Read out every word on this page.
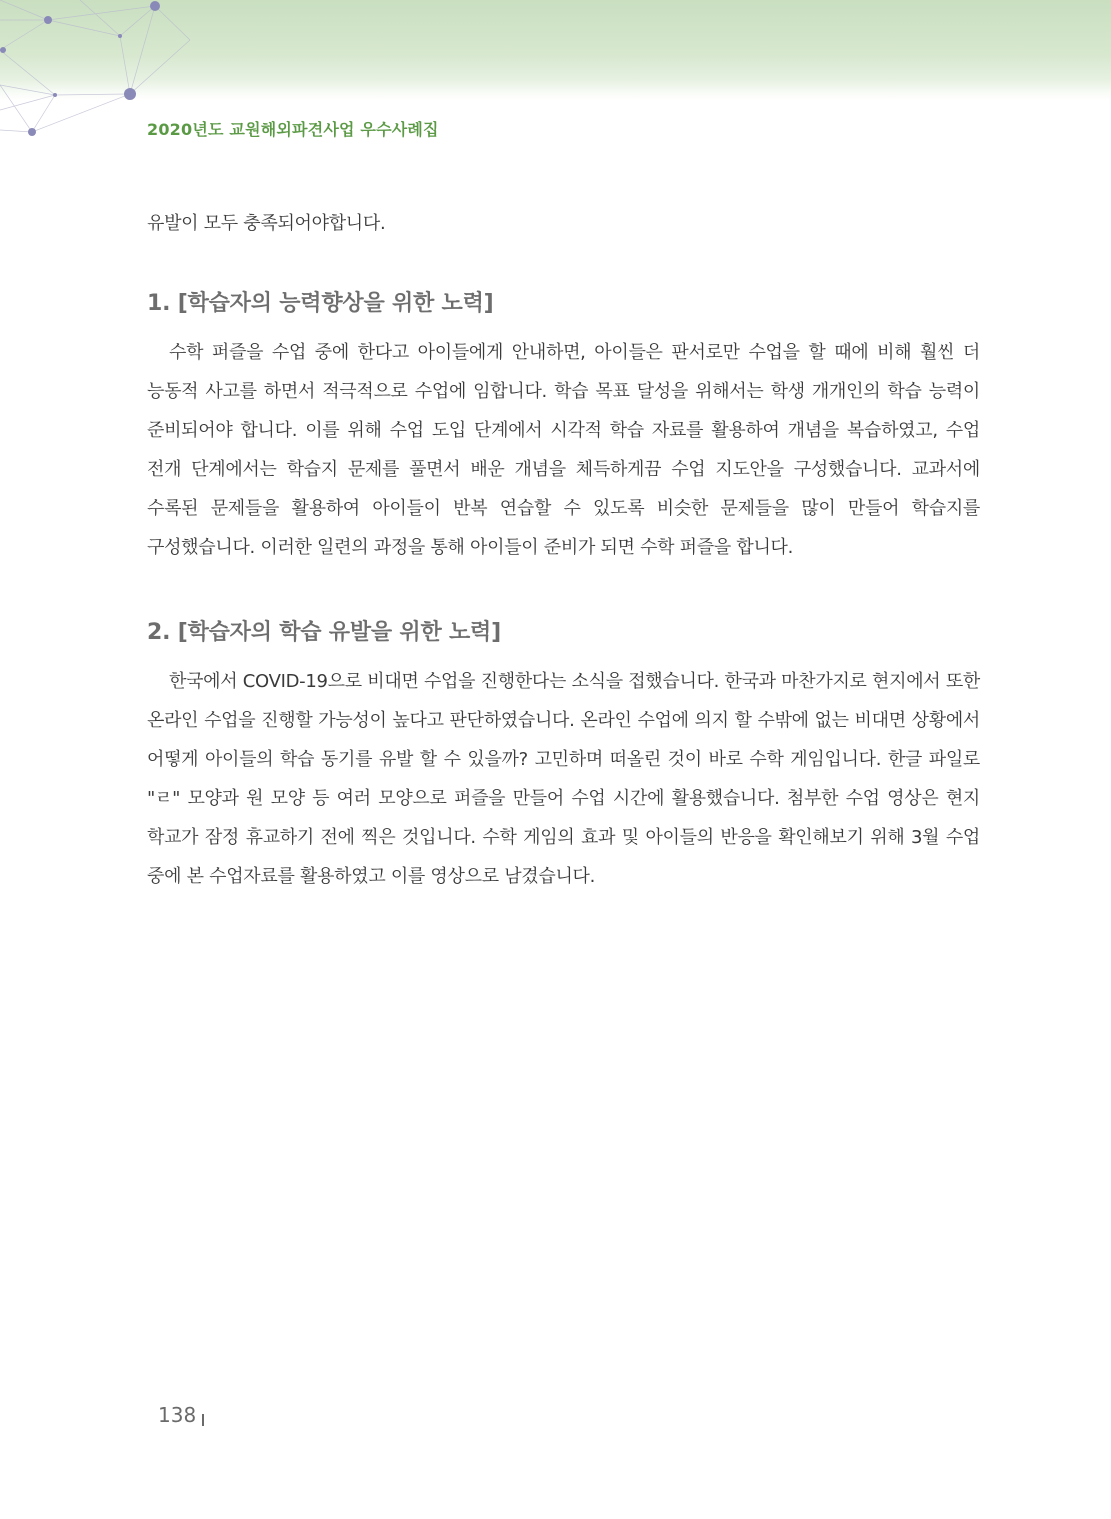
2020년도 교원해외파견사업 우수사례집

유발이 모두 충족되어야합니다.

1. [학습자의 능력향상을 위한 노력]

수학 퍼즐을 수업 중에 한다고 아이들에게 안내하면, 아이들은 판서로만 수업을 할 때에 비해 훨씬 더 능동적 사고를 하면서 적극적으로 수업에 임합니다. 학습 목표 달성을 위해서는 학생 개개인의 학습 능력이 준비되어야 합니다. 이를 위해 수업 도입 단계에서 시각적 학습 자료를 활용하여 개념을 복습하였고, 수업 전개 단계에서는 학습지 문제를 풀면서 배운 개념을 체득하게끔 수업 지도안을 구성했습니다. 교과서에 수록된 문제들을 활용하여 아이들이 반복 연습할 수 있도록 비슷한 문제들을 많이 만들어 학습지를 구성했습니다. 이러한 일련의 과정을 통해 아이들이 준비가 되면 수학 퍼즐을 합니다.

2. [학습자의 학습 유발을 위한 노력]

한국에서 COVID-19으로 비대면 수업을 진행한다는 소식을 접했습니다. 한국과 마찬가지로 현지에서 또한 온라인 수업을 진행할 가능성이 높다고 판단하였습니다. 온라인 수업에 의지 할 수밖에 없는 비대면 상황에서 어떻게 아이들의 학습 동기를 유발 할 수 있을까? 고민하며 떠올린 것이 바로 수학 게임입니다. 한글 파일로 "ㄹ" 모양과 원 모양 등 여러 모양으로 퍼즐을 만들어 수업 시간에 활용했습니다. 첨부한 수업 영상은 현지 학교가 잠정 휴교하기 전에 찍은 것입니다. 수학 게임의 효과 및 아이들의 반응을 확인해보기 위해 3월 수업 중에 본 수업자료를 활용하였고 이를 영상으로 남겼습니다.

138
